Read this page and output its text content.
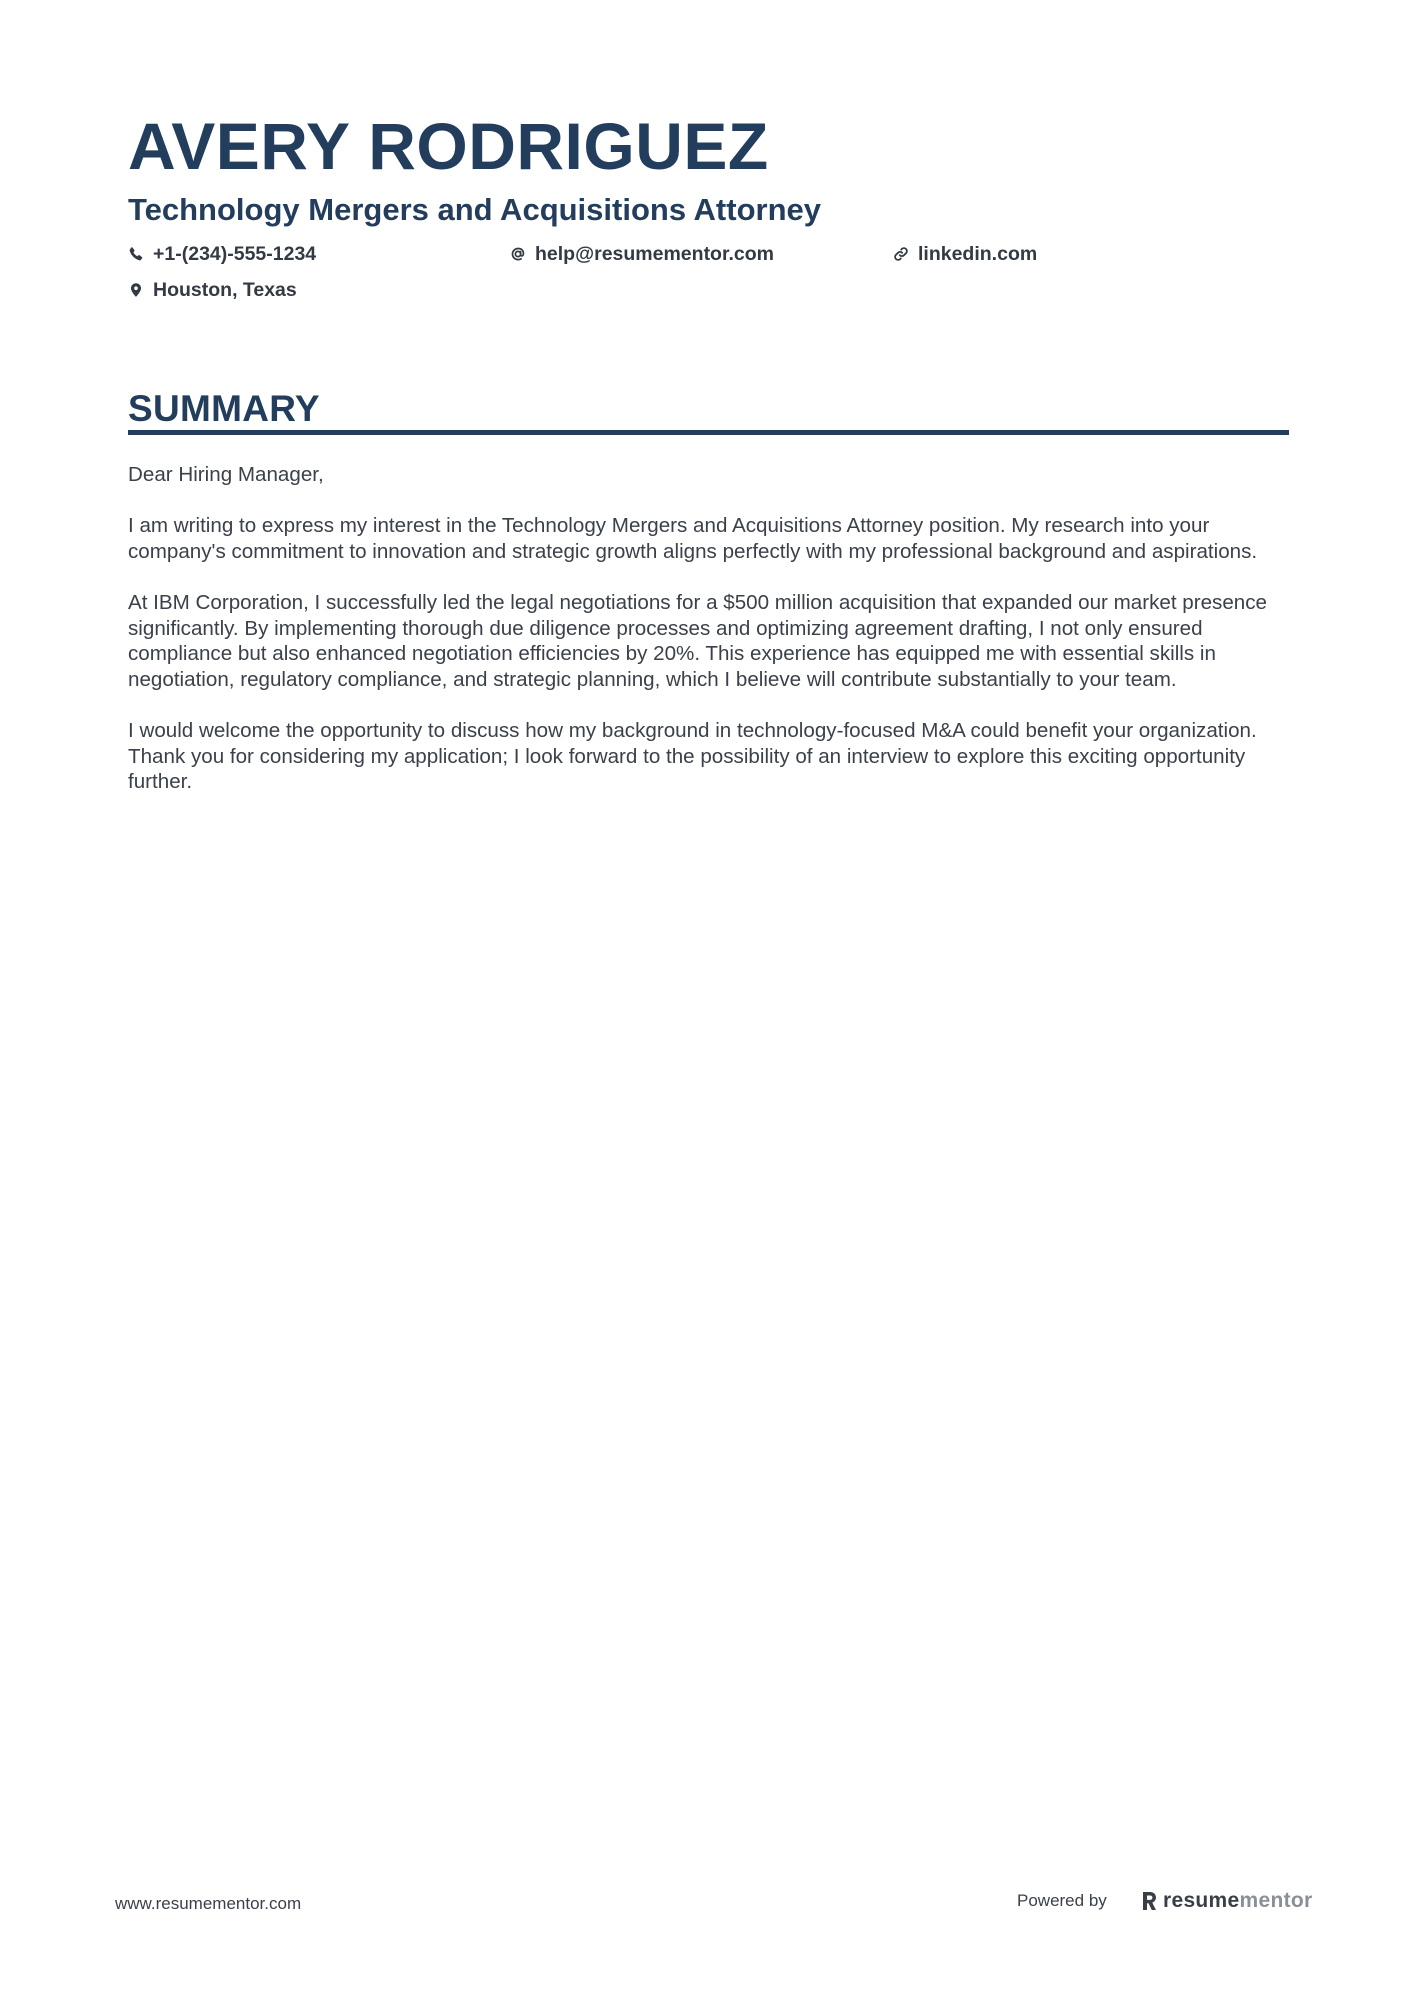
AVERY RODRIGUEZ
Technology Mergers and Acquisitions Attorney
+1-(234)-555-1234	help@resumementor.com	linkedin.com
Houston, Texas
SUMMARY

Dear Hiring Manager,

I am writing to express my interest in the Technology Mergers and Acquisitions Attorney position. My research into your company's commitment to innovation and strategic growth aligns perfectly with my professional background and aspirations.

At IBM Corporation, I successfully led the legal negotiations for a $500 million acquisition that expanded our market presence significantly. By implementing thorough due diligence processes and optimizing agreement drafting, I not only ensured compliance but also enhanced negotiation efficiencies by 20%. This experience has equipped me with essential skills in negotiation, regulatory compliance, and strategic planning, which I believe will contribute substantially to your team.

I would welcome the opportunity to discuss how my background in technology-focused M&A could benefit your organization. Thank you for considering my application; I look forward to the possibility of an interview to explore this exciting opportunity further.

www.resumementor.com	Powered by	resume mentor
